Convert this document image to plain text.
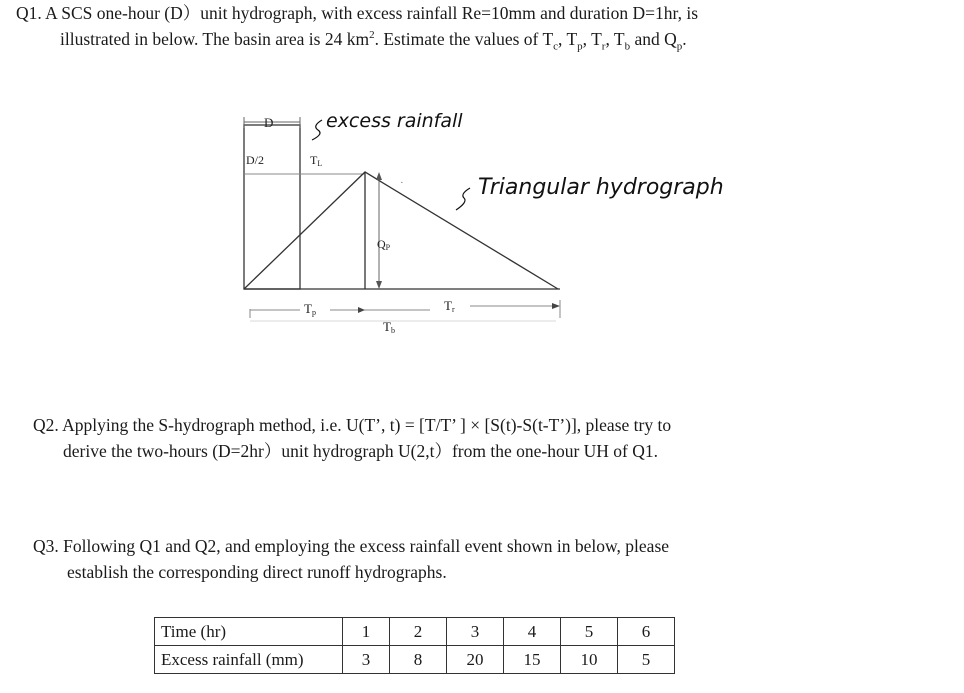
Q1. A SCS one-hour (D）unit hydrograph, with excess rainfall Re=10mm and duration D=1hr, is
illustrated in below. The basin area is 24 $km^2$. Estimate the values of $T_c$, $T_p$, $T_r$, $T_b$ and $Q_p$.
D
D/2	TL
QP
·
Tp	Tr
Tb
excess rainfall
Triangular hydrograph
Q2. Applying the S-hydrograph method, i.e. U(T’, t) = [T/T’ ] × [S(t)-S(t-T’)], please try to
derive the two-hours (D=2hr）unit hydrograph U(2,t）from the one-hour UH of Q1.
Q3. Following Q1 and Q2, and employing the excess rainfall event shown in below, please
establish the corresponding direct runoff hydrographs.
Time (hr)	1	2	3	4	5	6
Excess rainfall (mm)	3	8	20	15	10	5
